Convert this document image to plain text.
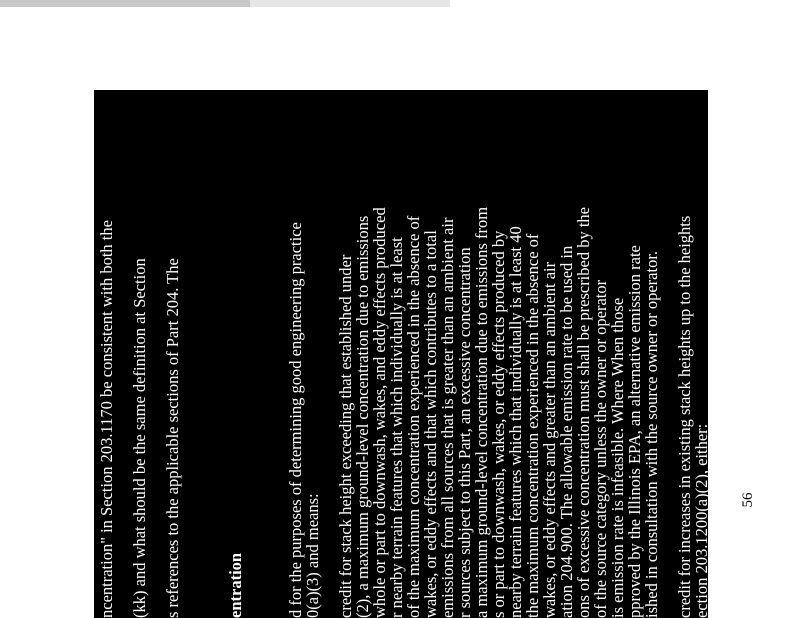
ncentration" in Section 203.1170 be consistent with both the (kk) and what should be the same definition at Section s references to the applicable sections of Part 204. The	entration d for the purposes of determining good engineering practice
0(a)(3) and means: credit for stack height exceeding that established under
(2), a maximum ground-level concentration due to emissions
whole or part to downwash, wakes, and eddy effects produced
r nearby terrain features that which individually is at least
of the maximum concentration experienced in the absence of
wakes, or eddy effects and that which contributes to a total
emissions from all sources that is greater than an ambient air
r sources subject to this Part, an excessive concentration
a maximum ground-level concentration due to emissions from
s or part to downwash, wakes, or eddy effects produced by
nearby terrain features which that individually is at least 40
the maximum concentration experienced in the absence of
wakes, or eddy effects and greater than an ambient air
ation 204.900. The allowable emission rate to be used in
ons of excessive concentration must shall be prescribed by the
of the source category unless the owner or operator
is emission rate is infeasible. Where When those
pproved by the Illinois EPA, an alternative emission rate
ished in consultation with the source owner or operator. credit for increases in existing stack heights up to the heights
ection 203.1200(a)(2), either: 56
